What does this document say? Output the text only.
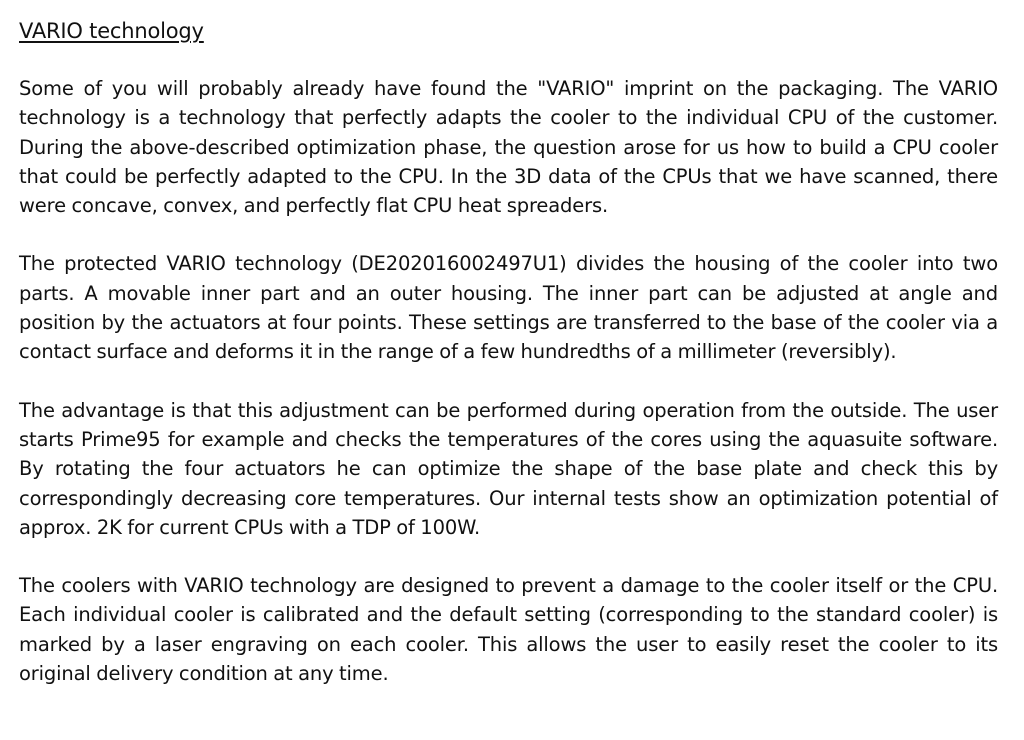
VARIO technology

Some of you will probably already have found the "VARIO" imprint on the packaging. The VARIO technology is a technology that perfectly adapts the cooler to the individual CPU of the customer. During the above-described optimization phase, the question arose for us how to build a CPU cooler that could be perfectly adapted to the CPU. In the 3D data of the CPUs that we have scanned, there were concave, convex, and perfectly flat CPU heat spreaders.

The protected VARIO technology (DE202016002497U1) divides the housing of the cooler into two parts. A movable inner part and an outer housing. The inner part can be adjusted at angle and position by the actuators at four points. These settings are transferred to the base of the cooler via a contact surface and deforms it in the range of a few hundredths of a millimeter (reversibly).

The advantage is that this adjustment can be performed during operation from the outside. The user starts Prime95 for example and checks the temperatures of the cores using the aquasuite software. By rotating the four actuators he can optimize the shape of the base plate and check this by correspondingly decreasing core temperatures. Our internal tests show an optimization potential of approx. 2K for current CPUs with a TDP of 100W.

The coolers with VARIO technology are designed to prevent a damage to the cooler itself or the CPU. Each individual cooler is calibrated and the default setting (corresponding to the standard cooler) is marked by a laser engraving on each cooler. This allows the user to easily reset the cooler to its original delivery condition at any time.
